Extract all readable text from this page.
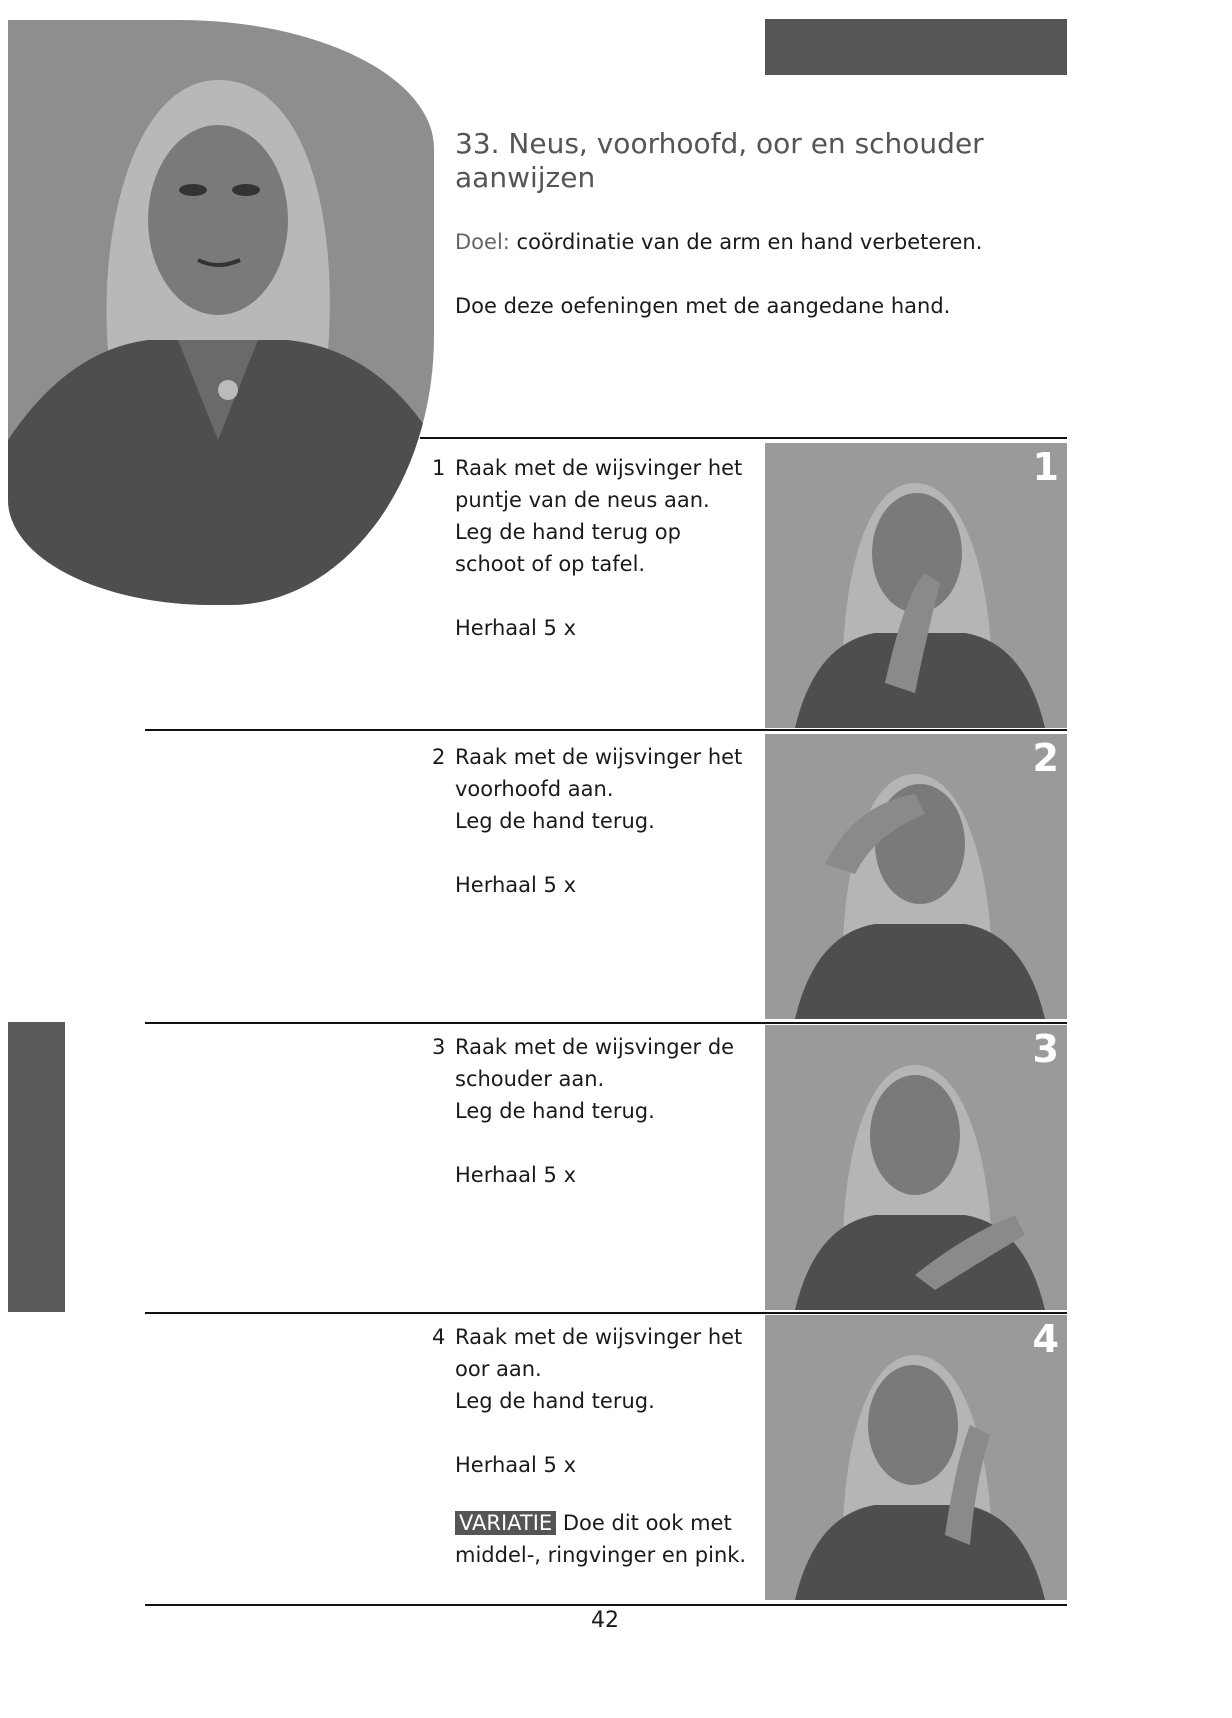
33. Neus, voorhoofd, oor en schouder aanwijzen
Doel: coördinatie van de arm en hand verbeteren.
Doe deze oefeningen met de aangedane hand.
1 Raak met de wijsvinger het
puntje van de neus aan.
Leg de hand terug op
schoot of op tafel.
Herhaal 5 x
1
2 Raak met de wijsvinger het
voorhoofd aan.
Leg de hand terug.
Herhaal 5 x
2
3 Raak met de wijsvinger de
schouder aan.
Leg de hand terug.
Herhaal 5 x
3
4 Raak met de wijsvinger het
oor aan.
Leg de hand terug.
Herhaal 5 x
4
VARIATIE Doe dit ook met
middel-, ringvinger en pink.
42
